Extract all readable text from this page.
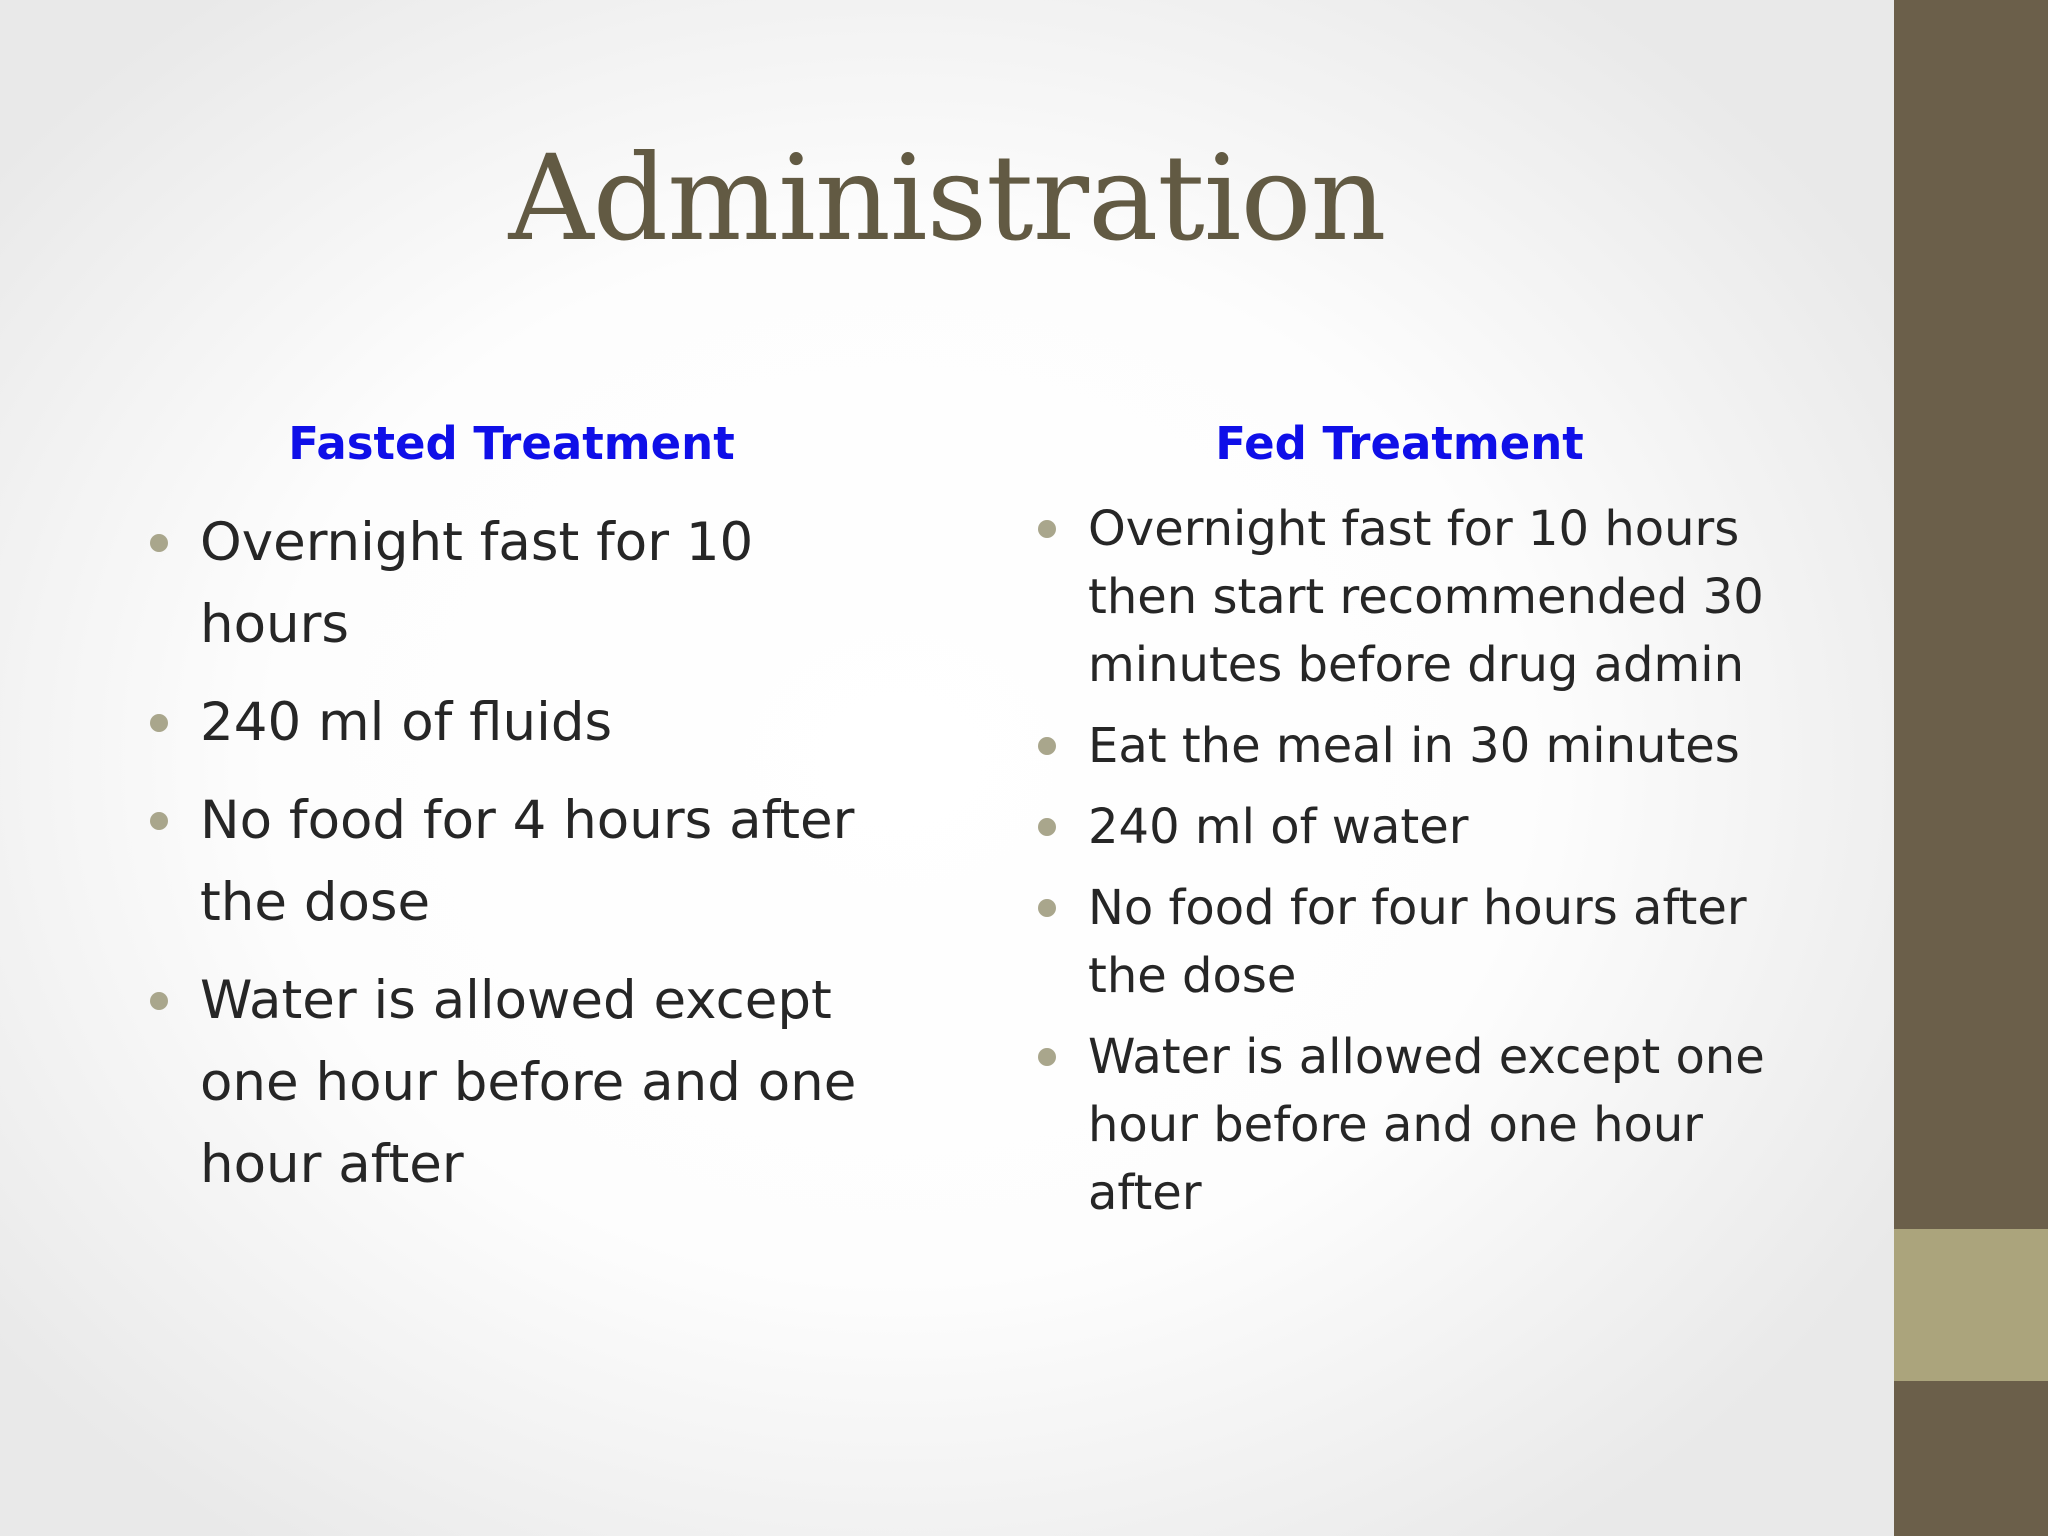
Administration
Fasted Treatment	Fed Treatment
Overnight fast for 10 hours
240 ml of fluids
No food for 4 hours after the dose
Water is allowed except one hour before and one hour after
Overnight fast for 10 hours then start recommended 30 minutes before drug admin
Eat the meal in 30 minutes
240 ml of water
No food for four hours after the dose
Water is allowed except one hour before and one hour after
